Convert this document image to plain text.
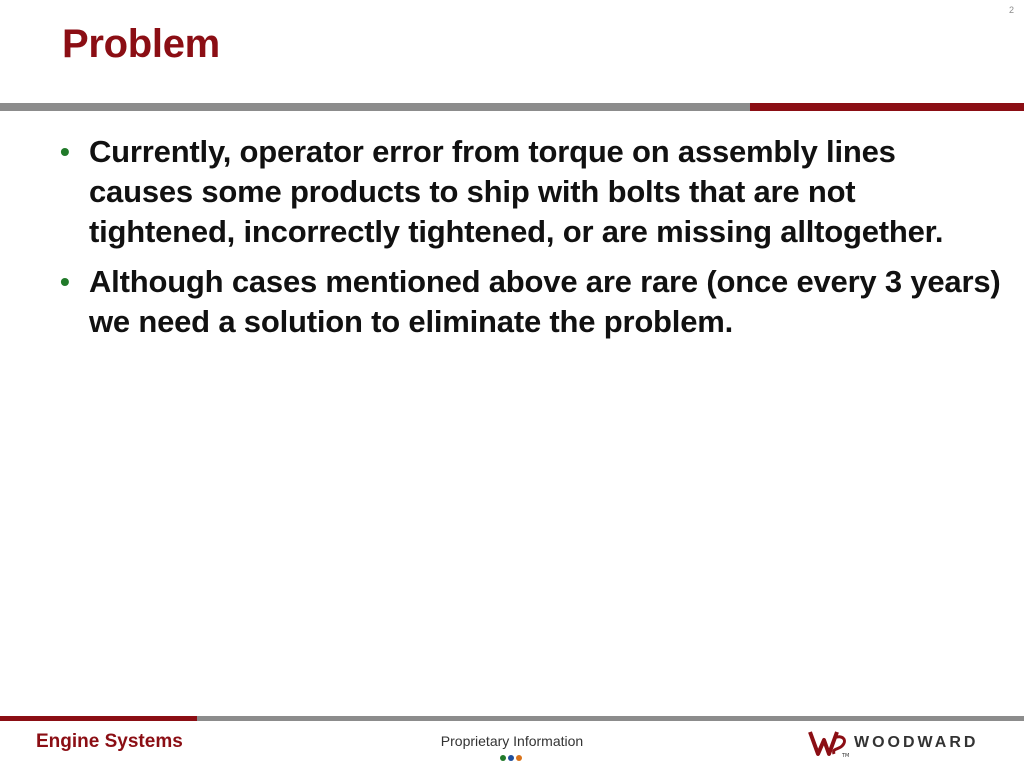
2
Problem
• Currently, operator error from torque on assembly lines causes some products to ship with bolts that are not tightened, incorrectly tightened, or are missing alltogether.
• Although cases mentioned above are rare (once every 3 years) we need a solution to eliminate the problem.
Engine Systems	Proprietary Information
TM
WOODWARD
